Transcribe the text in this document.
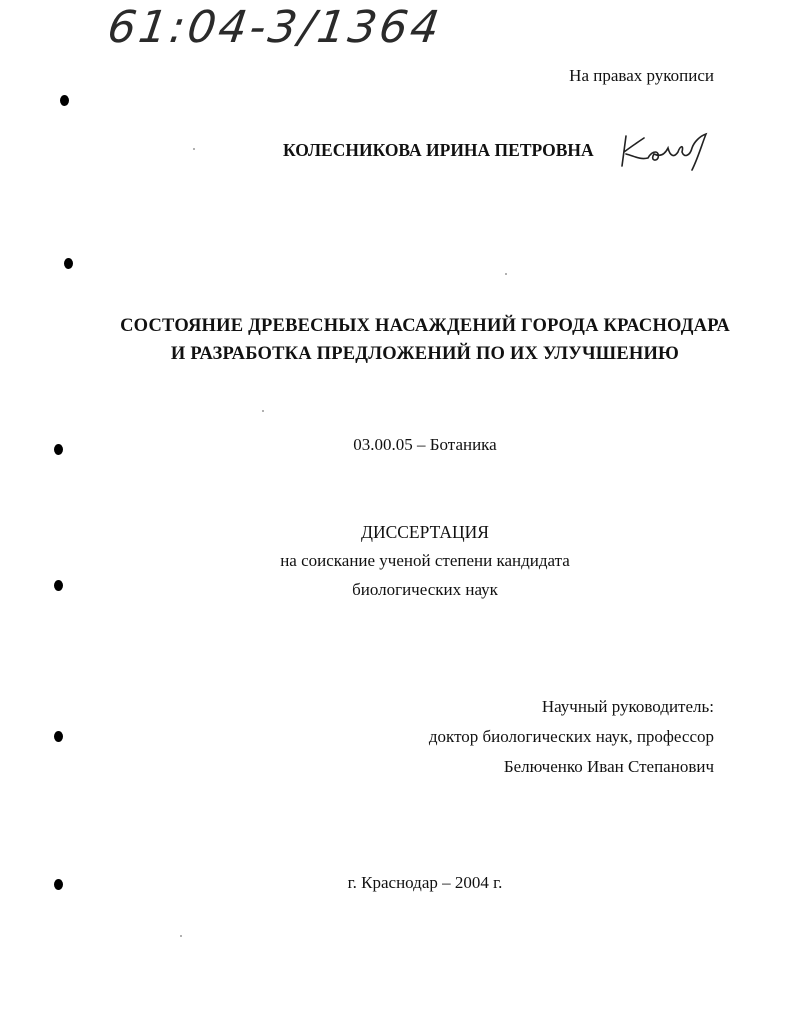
61:04-3/1364
На правах рукописи
КОЛЕСНИКОВА ИРИНА ПЕТРОВНА
СОСТОЯНИЕ ДРЕВЕСНЫХ НАСАЖДЕНИЙ ГОРОДА КРАСНОДАРА
И РАЗРАБОТКА ПРЕДЛОЖЕНИЙ ПО ИХ УЛУЧШЕНИЮ
03.00.05 – Ботаника
ДИССЕРТАЦИЯ
на соискание ученой степени кандидата
биологических наук
Научный руководитель:
доктор биологических наук, профессор
Белюченко Иван Степанович
г. Краснодар – 2004 г.
